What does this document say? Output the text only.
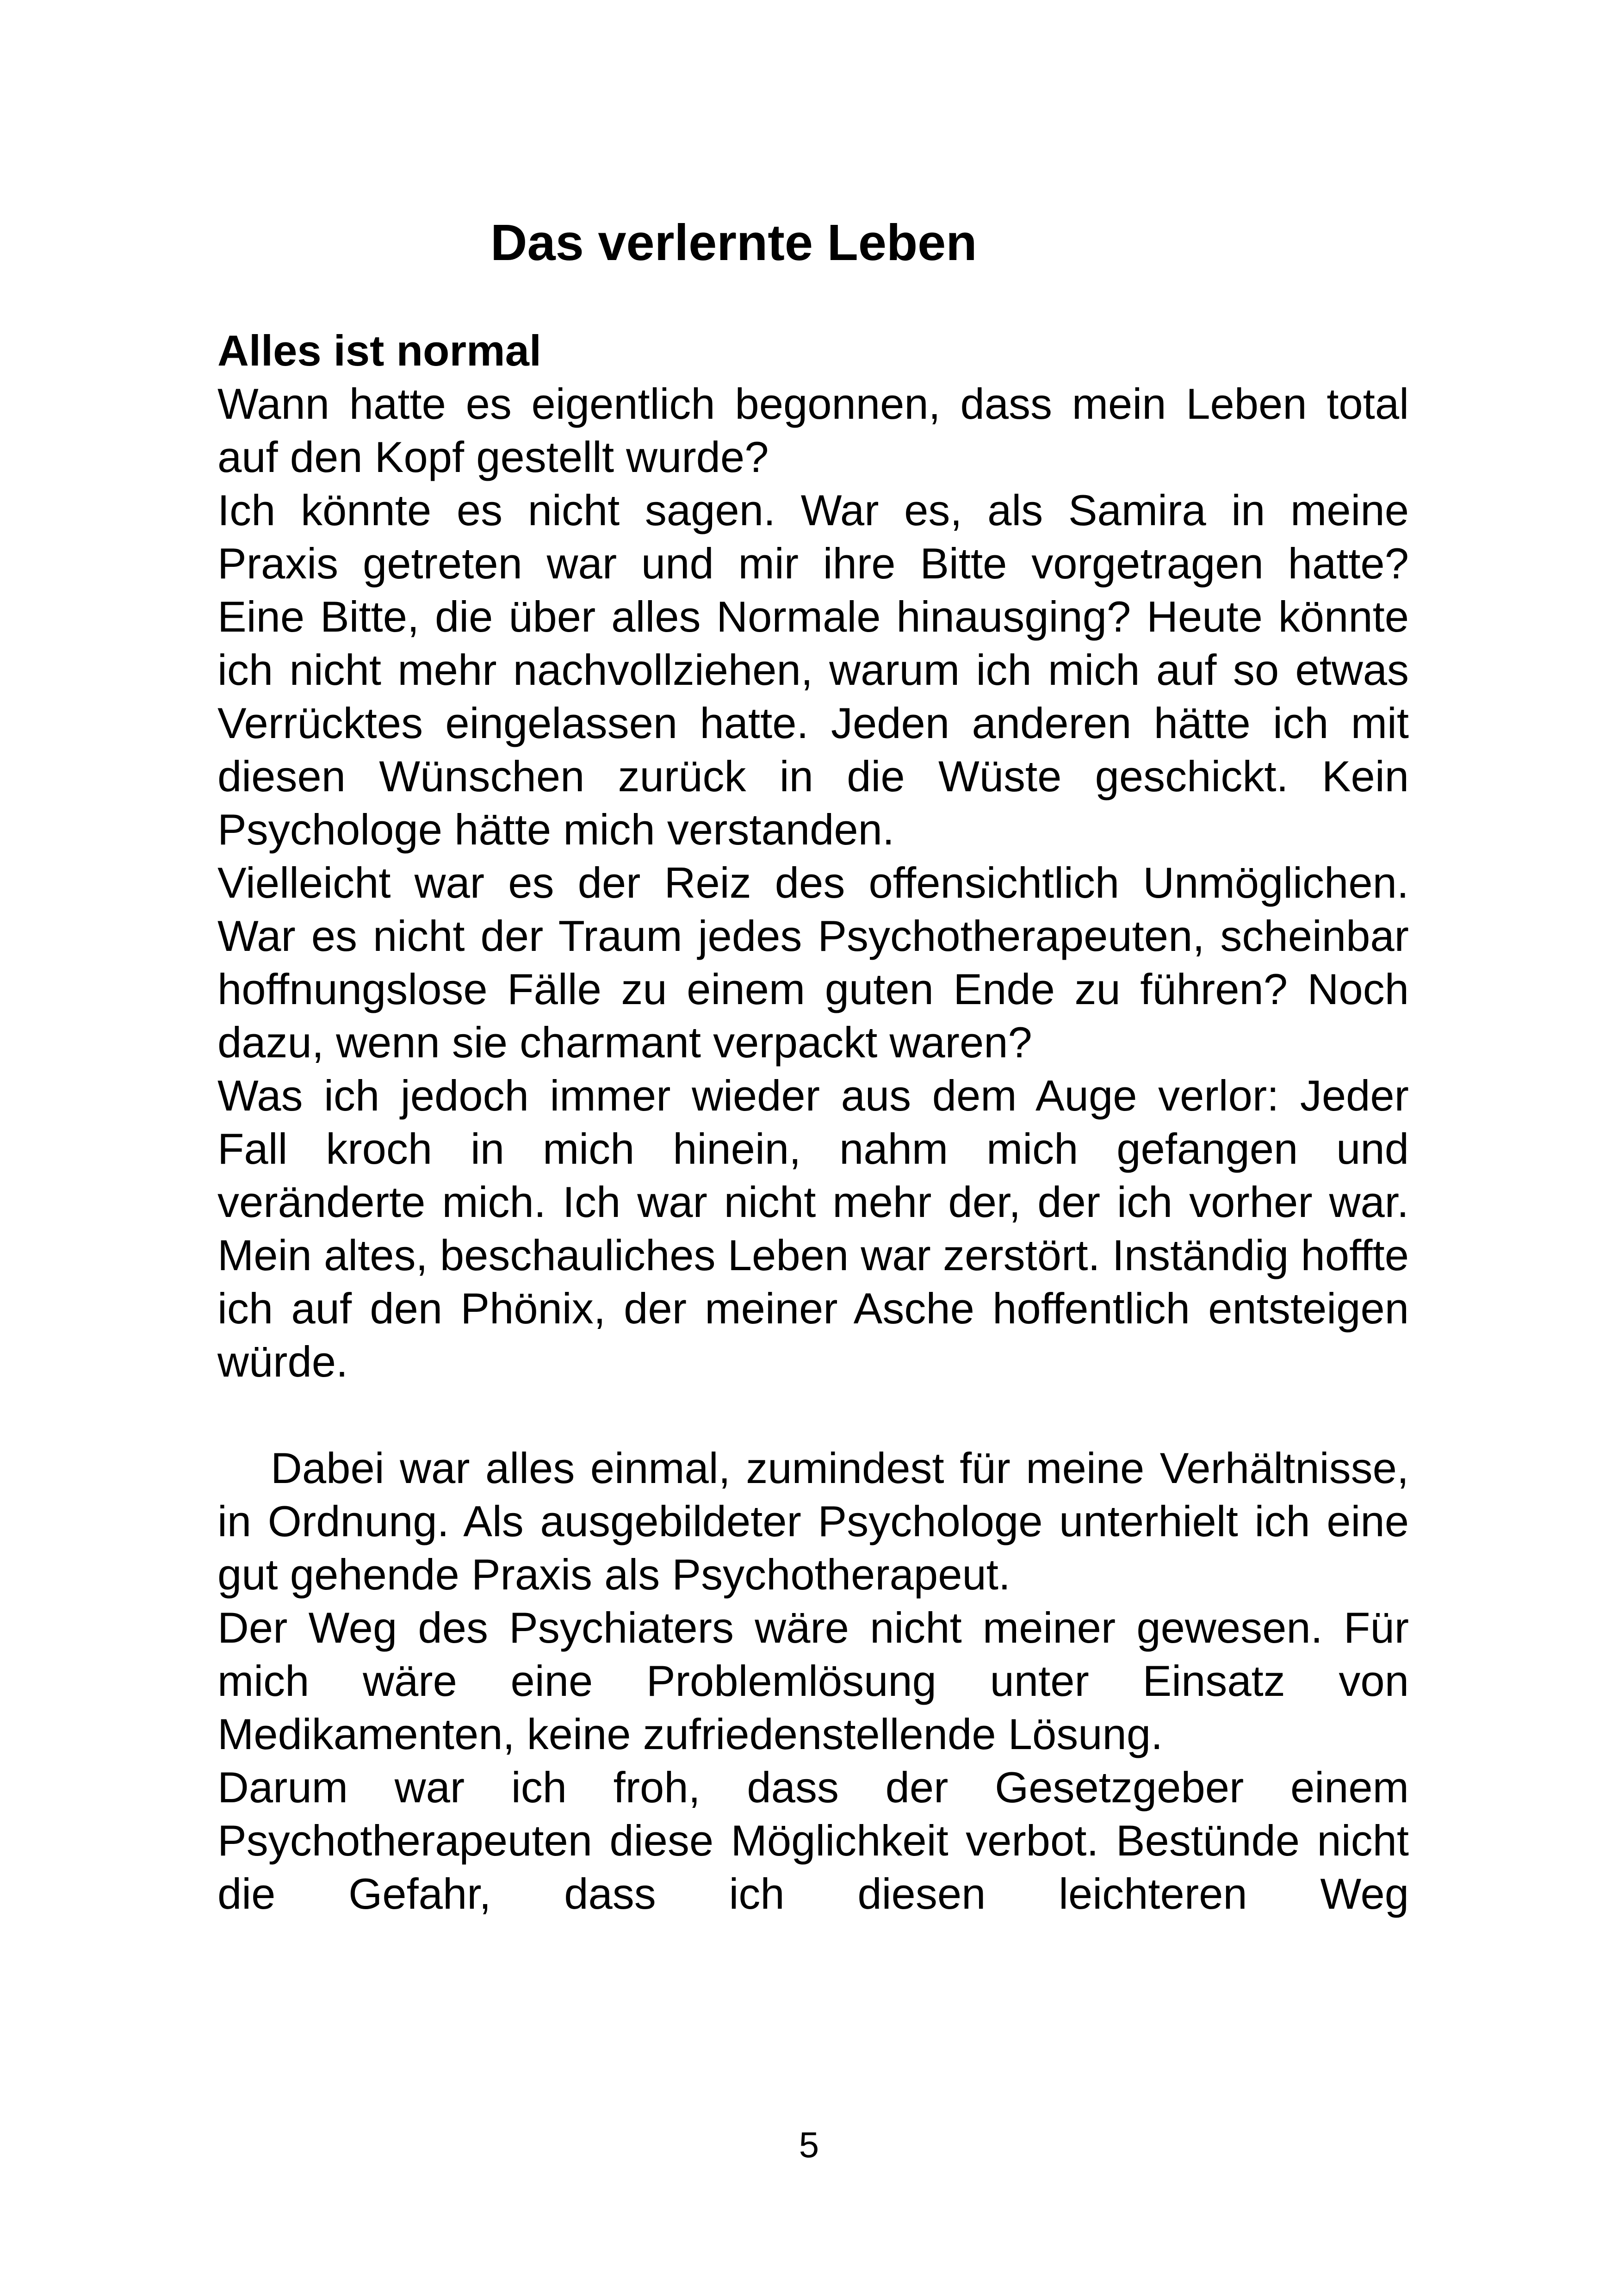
Das verlernte Leben
Alles ist normal

Wann hatte es eigentlich begonnen, dass mein Leben total auf den Kopf gestellt wurde?

Ich könnte es nicht sagen. War es, als Samira in meine Praxis getreten war und mir ihre Bitte vorgetragen hatte? Eine Bitte, die über alles Normale hinausging? Heute könnte ich nicht mehr nachvollziehen, warum ich mich auf so etwas Verrücktes eingelassen hatte. Jeden anderen hätte ich mit diesen Wünschen zurück in die Wüste geschickt. Kein Psychologe hätte mich verstanden.

Vielleicht war es der Reiz des offensichtlich Unmöglichen. War es nicht der Traum jedes Psychotherapeuten, scheinbar hoffnungslose Fälle zu einem guten Ende zu führen? Noch dazu, wenn sie charmant verpackt waren?

Was ich jedoch immer wieder aus dem Auge verlor: Jeder Fall kroch in mich hinein, nahm mich gefangen und veränderte mich. Ich war nicht mehr der, der ich vorher war. Mein altes, beschauliches Leben war zerstört. Inständig hoffte ich auf den Phönix, der meiner Asche hoffentlich entsteigen würde.

Dabei war alles einmal, zumindest für meine Verhältnisse, in Ordnung. Als ausgebildeter Psychologe unterhielt ich eine gut gehende Praxis als Psychotherapeut.

Der Weg des Psychiaters wäre nicht meiner gewesen. Für mich wäre eine Problemlösung unter Einsatz von Medikamenten, keine zufriedenstellende Lösung.

Darum war ich froh, dass der Gesetzgeber einem Psychotherapeuten diese Möglichkeit verbot. Bestünde nicht die Gefahr, dass ich diesen leichteren Weg

5
